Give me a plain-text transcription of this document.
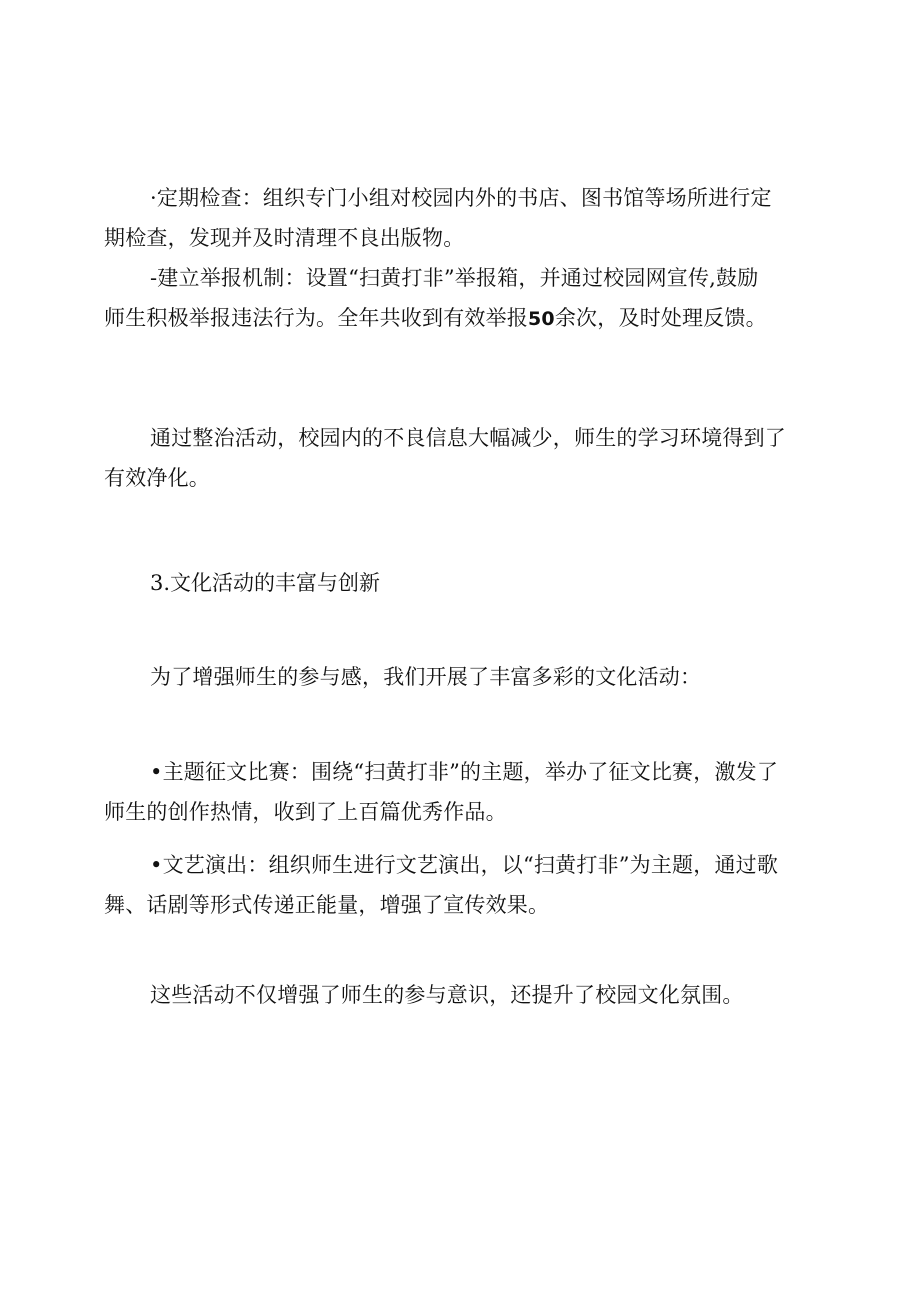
·定期检查：组织专门小组对校园内外的书店、图书馆等场所进行定
期检查，发现并及时清理不良出版物。

-建立举报机制：设置“扫黄打非”举报箱，并通过校园网宣传,鼓励
师生积极举报违法行为。全年共收到有效举报50余次，及时处理反馈。

通过整治活动，校园内的不良信息大幅减少，师生的学习环境得到了
有效净化。

3.文化活动的丰富与创新

为了增强师生的参与感，我们开展了丰富多彩的文化活动：

•主题征文比赛：围绕“扫黄打非”的主题，举办了征文比赛，激发了
师生的创作热情，收到了上百篇优秀作品。

•文艺演出：组织师生进行文艺演出，以“扫黄打非”为主题，通过歌
舞、话剧等形式传递正能量，增强了宣传效果。

这些活动不仅增强了师生的参与意识，还提升了校园文化氛围。
